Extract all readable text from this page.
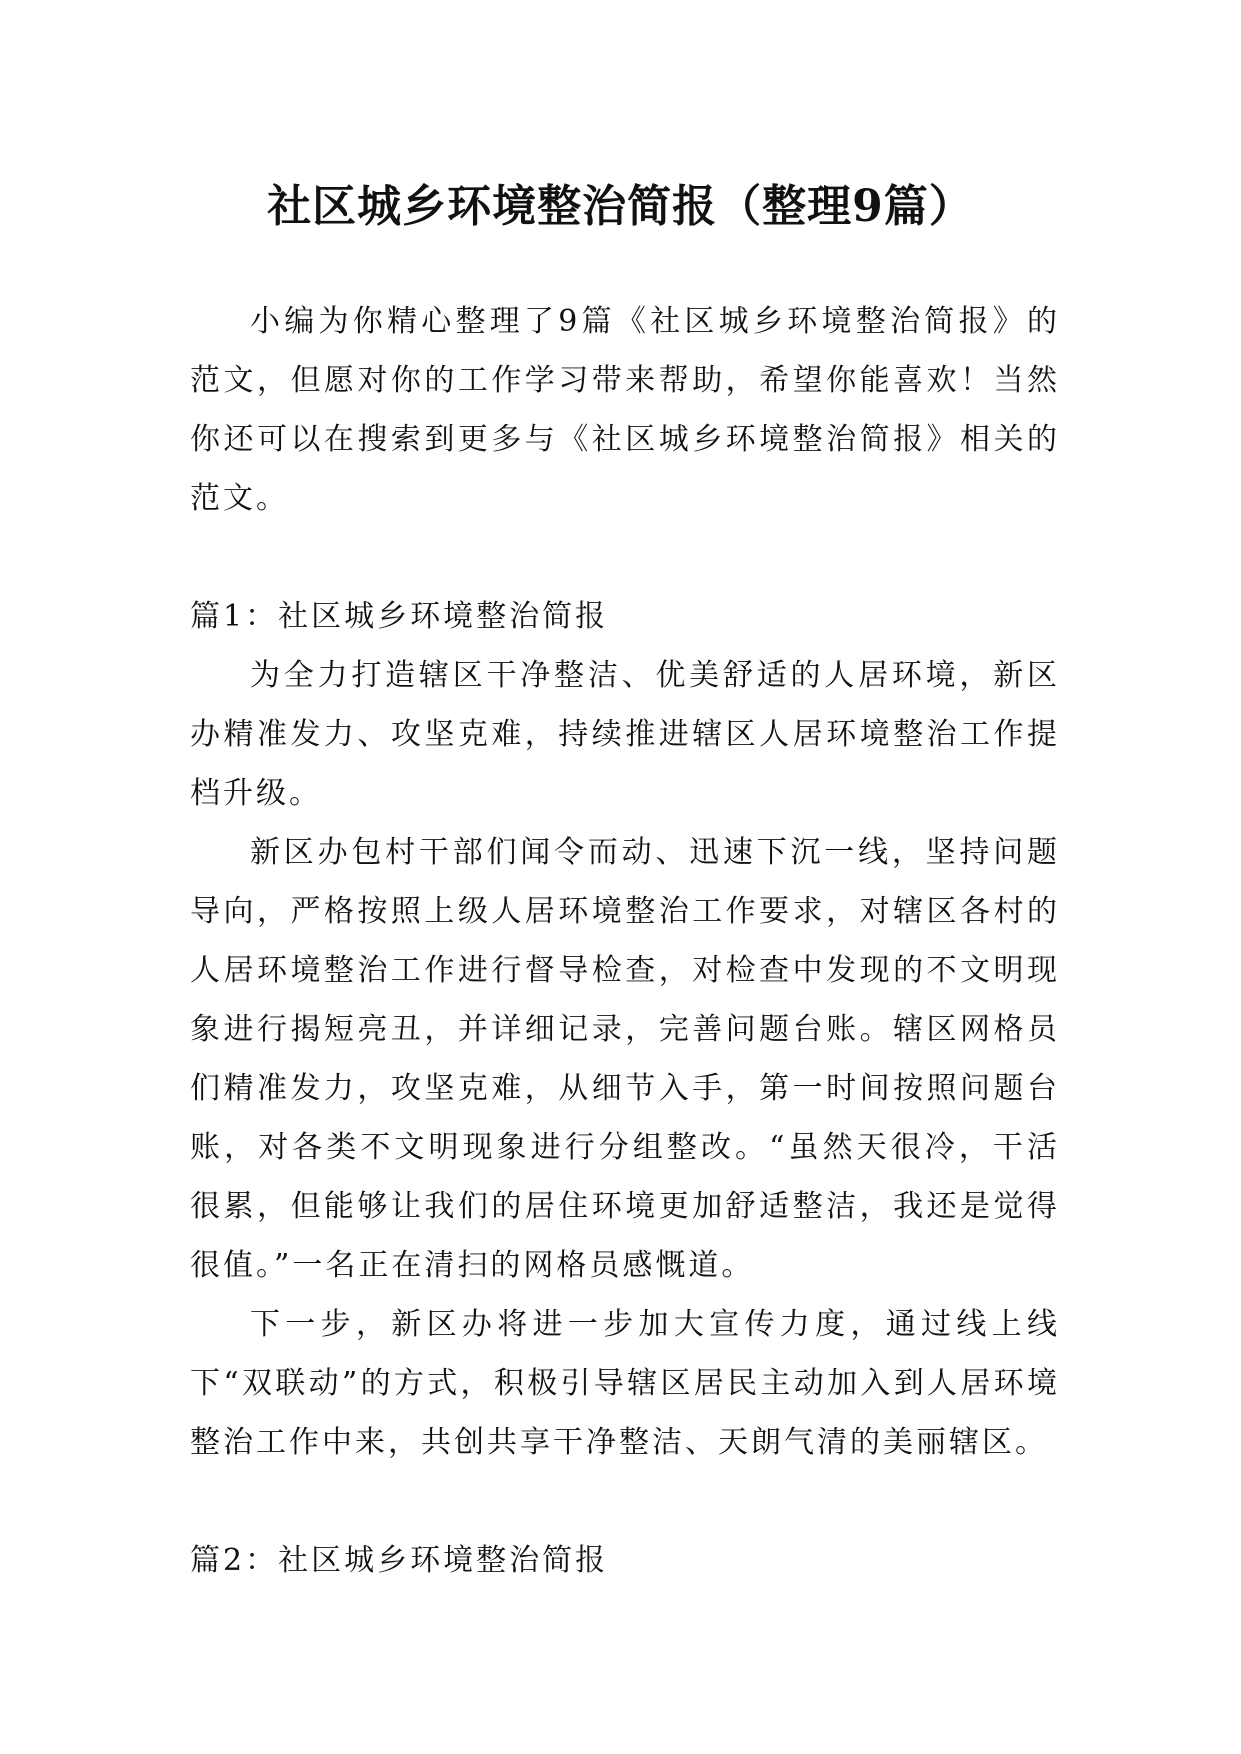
社区城乡环境整治简报（整理9篇）

小编为你精心整理了9篇《社区城乡环境整治简报》的范文，但愿对你的工作学习带来帮助，希望你能喜欢！当然你还可以在搜索到更多与《社区城乡环境整治简报》相关的范文。

篇1：社区城乡环境整治简报

为全力打造辖区干净整洁、优美舒适的人居环境，新区办精准发力、攻坚克难，持续推进辖区人居环境整治工作提档升级。

新区办包村干部们闻令而动、迅速下沉一线，坚持问题导向，严格按照上级人居环境整治工作要求，对辖区各村的人居环境整治工作进行督导检查，对检查中发现的不文明现象进行揭短亮丑，并详细记录，完善问题台账。辖区网格员们精准发力，攻坚克难，从细节入手，第一时间按照问题台账，对各类不文明现象进行分组整改。“虽然天很冷，干活很累，但能够让我们的居住环境更加舒适整洁，我还是觉得很值。”一名正在清扫的网格员感慨道。

下一步，新区办将进一步加大宣传力度，通过线上线下“双联动”的方式，积极引导辖区居民主动加入到人居环境整治工作中来，共创共享干净整洁、天朗气清的美丽辖区。

篇2：社区城乡环境整治简报
